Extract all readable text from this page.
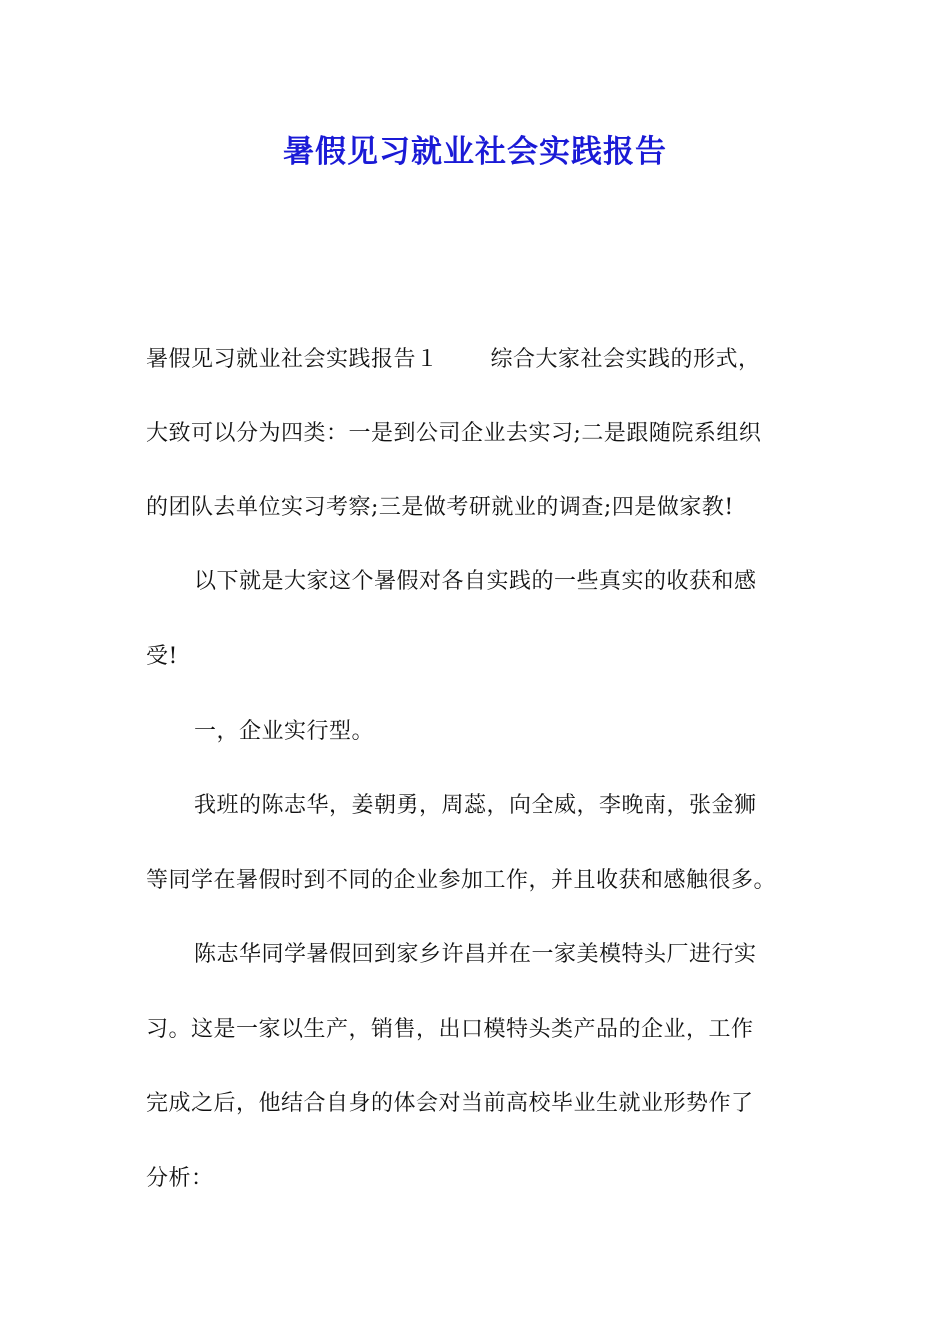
暑假见习就业社会实践报告
暑假见习就业社会实践报告１ 综合大家社会实践的形式，
大致可以分为四类：一是到公司企业去实习;二是跟随院系组织
的团队去单位实习考察;三是做考研就业的调查;四是做家教!
以下就是大家这个暑假对各自实践的一些真实的收获和感
受!
一，企业实行型。
我班的陈志华，姜朝勇，周蕊，向全威，李晚南，张金狮
等同学在暑假时到不同的企业参加工作，并且收获和感触很多。
陈志华同学暑假回到家乡许昌并在一家美模特头厂进行实
习。这是一家以生产，销售，出口模特头类产品的企业，工作
完成之后，他结合自身的体会对当前高校毕业生就业形势作了
分析：
